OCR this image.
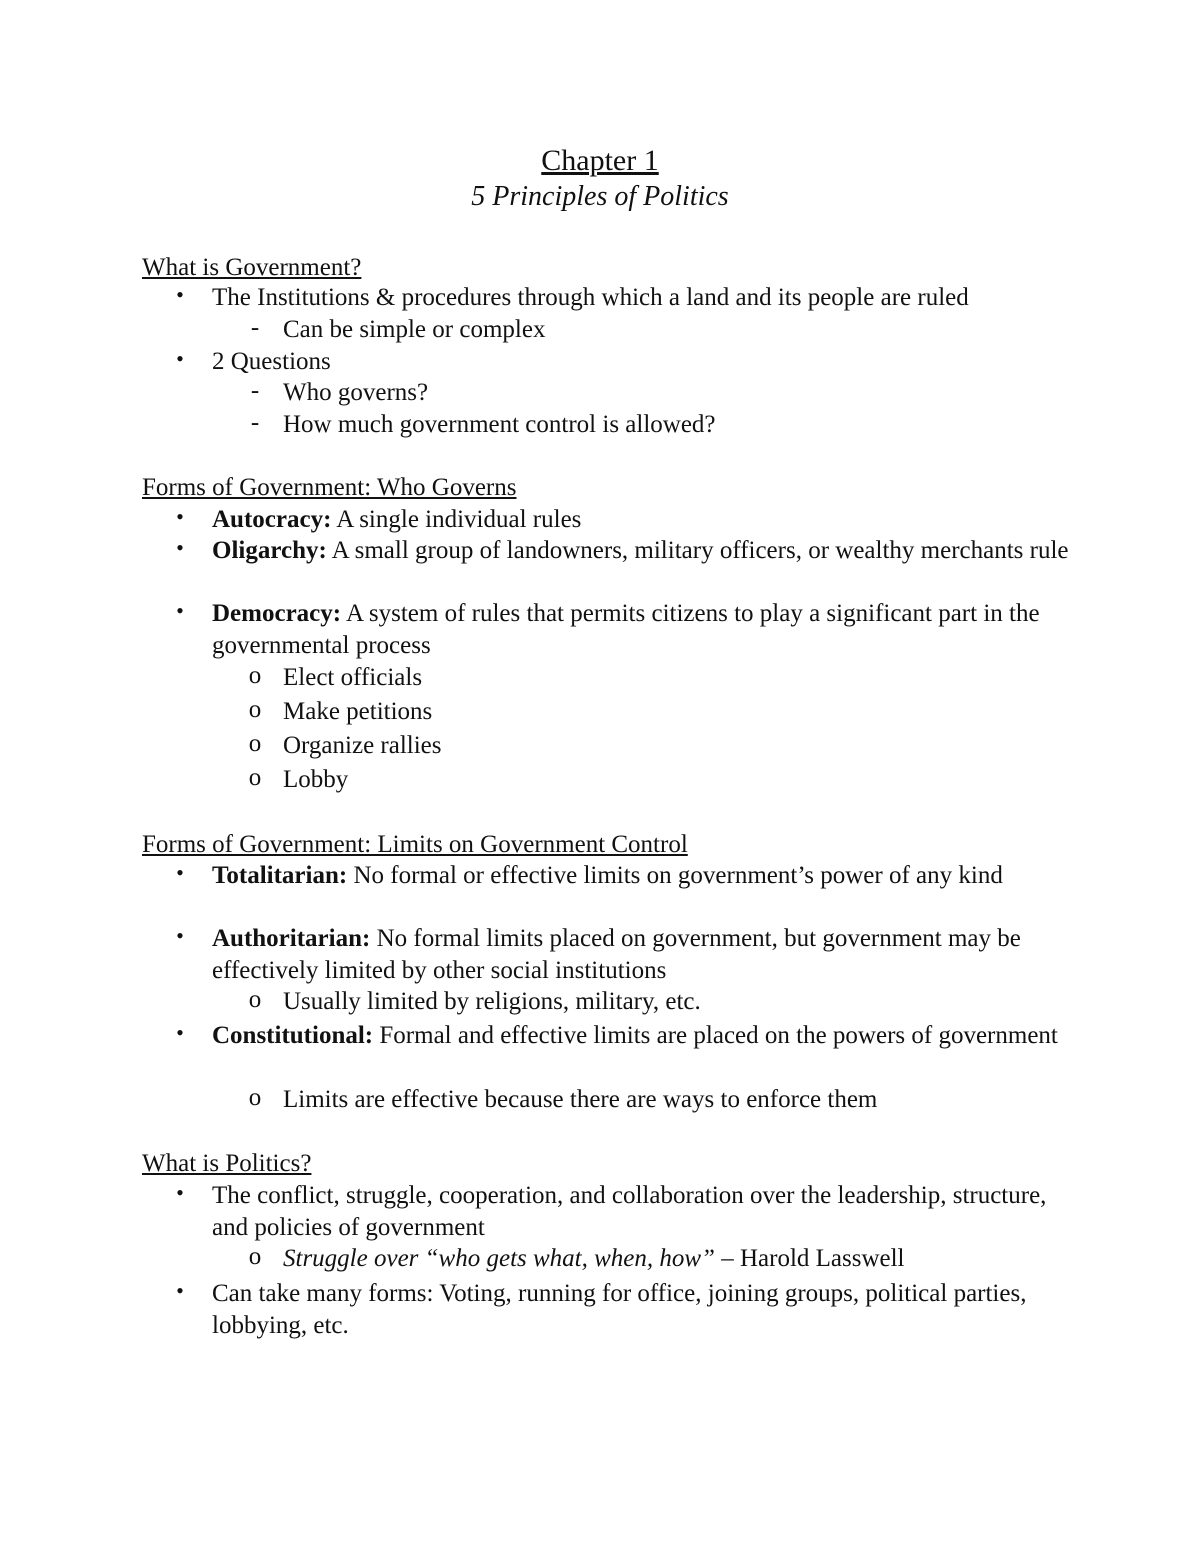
Chapter 1
5 Principles of Politics
What is Government?
•	The Institutions & procedures through which a land and its people are ruled
- Can be simple or complex
•	2 Questions
- Who governs?
- How much government control is allowed?
Forms of Government: Who Governs
•	Autocracy: A single individual rules
•	Oligarchy: A small group of landowners, military officers, or wealthy merchants rule
•	Democracy: A system of rules that permits citizens to play a significant part in the governmental process
o Elect officials
o Make petitions
o Organize rallies
o Lobby
Forms of Government: Limits on Government Control
•	Totalitarian: No formal or effective limits on government’s power of any kind
•	Authoritarian: No formal limits placed on government, but government may be effectively limited by other social institutions
o Usually limited by religions, military, etc.
•	Constitutional: Formal and effective limits are placed on the powers of government
o Limits are effective because there are ways to enforce them
What is Politics?
•	The conflict, struggle, cooperation, and collaboration over the leadership, structure, and policies of government
o Struggle over “who gets what, when, how” – Harold Lasswell
•	Can take many forms: Voting, running for office, joining groups, political parties, lobbying, etc.
